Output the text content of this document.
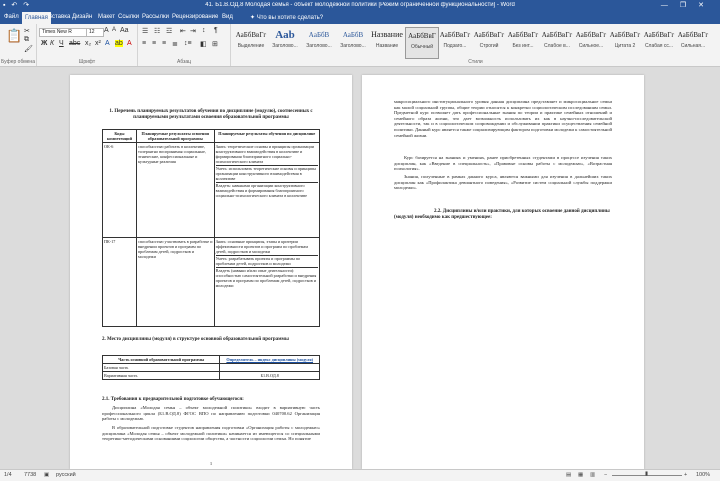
▪ ↶ ↷	41. Б1.В.ОД.8 Молодая семья - объект молодежной политики [Режим ограниченной функциональности] - Word	—❐✕
Файл	Главная Вставка Дизайн Макет Ссылки Рассылки Рецензирование Вид	✦ Что вы хотите сделать?
📋 ✂
⧉
🖌
Буфер обмена
Times New R	12	A A Aa
Ж К Ч abc x₂ x² A ab A
Шрифт
☰ ☷ ☲ ⇤ ⇥ ↕ ¶
≡ ≡ ≡ ≣ ↕≡ ◧ ⊞
Абзац
АаБбВвГг
Выделение
Aab
Заголово...
AaБбВ
Заголово...
АаБбВ
Заголово...
Название
Название
АаБбВвГ
Обычный
АаБбВвГг
Подзаго...
АаБбВвГг
Строгий
АаБбВвГг
Без инт...
АаБбВвГг
Слабое в...
АаБбВвГг
Сильное...
АаБбВвГг
Цитата 2
АаБбВвГг
Слабая сс...
АаБбВвГг
Сильная...
Стили
1. Перечень планируемых результатов обучения по дисциплине (модулю), соотнесенных с планируемыми результатами освоения образовательной программы
Коды компетенций	Планируемые результаты освоения образовательной программы	Планируемые результаты обучения по дисциплине
ОК-6	способностью работать в коллективе, толерантно воспринимая социальные, этнические, конфессиональные и культурные различия	Знать: теоретические основы и принципы организации конструктивного взаимодействия в коллективе и формирования благоприятного социально-психологического климата
Уметь: использовать теоретические основы и принципы организации конструктивного взаимодействия в коллективе
Владеть: навыками организации конструктивного взаимодействия и формирования благоприятного социально-психологического климата в коллективе

ПК-17	способностью участвовать в разработке и внедрении проектов и программ по проблемам детей, подростков и молодежи	Знать: основные принципы, этапы и критерии эффективности проектов и программ по проблемам детей, подростков и молодежи
Уметь: разрабатывать проекты и программы по проблемам детей, подростков и молодежи
Владеть (навыки и/или опыт деятельности): способностью самостоятельной разработки и внедрения проектов и программ по проблемам детей, подростков и молодежи
2. Место дисциплины (модуля) в структуре основной образовательной программы
Часть основной образовательной программы	Определитель – индекс дисциплины (модуля)
Базовая часть	
Вариативная часть	Б1.В.ОД.8
2.1. Требования к предварительной подготовке обучающегося:
Дисциплина «Молодая семья – объект молодежной политики» входит в вариативную часть профессионального цикла (Б1.В.ОД.8) ФГОС ВПО по направлению подготовки 040700.62 Организация работы с молодежью.
В образовательной подготовке студентов направления подготовки «Организация работы с молодежью» дисциплина «Молодая семья – объект молодежной политики» начинается из имеющегося со специальными теоретико-методическими основаниями социологии общества, а частности социологии семьи. Но понятие
1
макросоциального институционального уровня данная дисциплина представляет и микросоциальное семьи как малой социальной группы, общие теории относятся к конкретно социологическим исследованиям семьи. Предметной курс позволяет дать профессиональные знания по теории и практике семейных отношений и семейного образа жизни, что дает возможность использовать их как в научно-исследовательской деятельности, так и в социологическом сопровождении и обслуживании практики осуществления семейной политики. Данный курс является также социализирующим фактором подготовки молодежи к самостоятельной семейной жизни.
Курс базируется на знаниях и умениях, ранее приобретенных студентами в процессе изучения таких дисциплин, как «Введение в специальность», «Правовые основы работы с молодежью», «Возрастная психология».
Знания, полученные в рамках данного курса, являются важными для изучения в дальнейших таких дисциплин как «Профилактика девиантного поведения», «Развитие систем социальной службы поддержки молодежи».
2.2. Дисциплины и/или практики, для которых освоение данной дисциплины (модуля) необходимо как предшествующее:
1/4 7738 ▣ русский	▤ ▦ ▥ −	▮	+ 100%
